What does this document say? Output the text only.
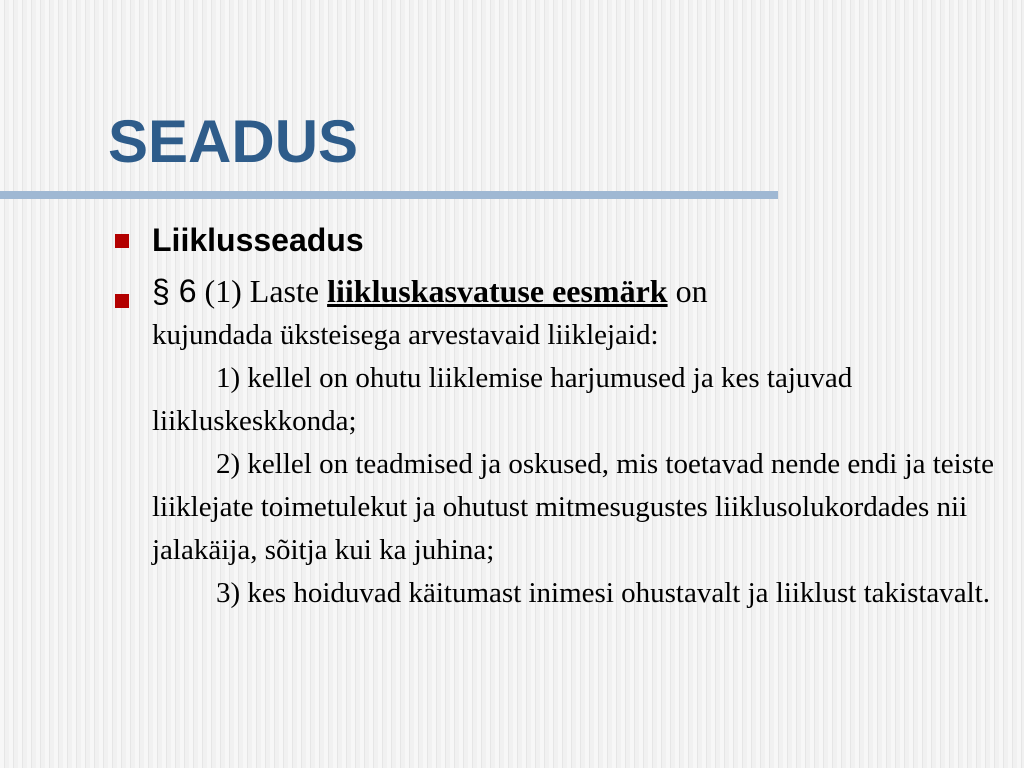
SEADUS
Liiklusseadus
§ 6 (1) Laste liikluskasvatuse eesmärk on

kujundada üksteisega arvestavaid liiklejaid:

1) kellel on ohutu liiklemise harjumused ja kes tajuvad liikluskeskkonda;

2) kellel on teadmised ja oskused, mis toetavad nende endi ja teiste liiklejate toimetulekut ja ohutust mitmesugustes liiklusolukordades nii jalakäija, sõitja kui ka juhina;

3) kes hoiduvad käitumast inimesi ohustavalt ja liiklust takistavalt.
